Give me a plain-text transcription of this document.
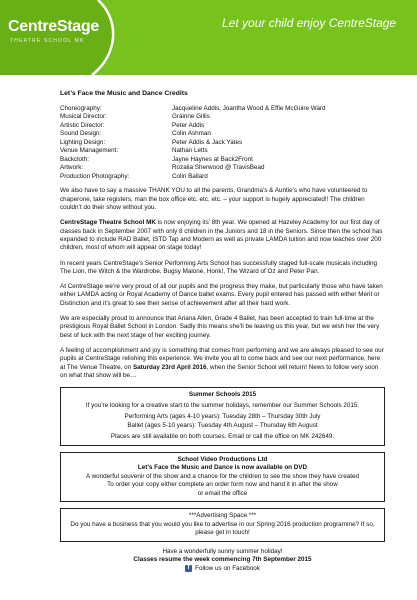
CentreStage
THEATRE SCHOOL MK
Let your child enjoy CentreStage
Let’s Face the Music and Dance Credits
Choreography:	Jacqueline Addis, Joantha Wood & Effie McGuire Ward
Musical Director:	Gráinne Gillis
Artistic Director:	Peter Addis
Sound Design:	Colin Ashman
Lighting Design:	Peter Addis & Jack Yates
Venue Management:	Nathan Letts
Backcloth:	Jayne Haynes at Back2Front
Artwork:	Rozalia Sherwood @ TravisBead
Production Photography:	Colin Ballard

We also have to say a massive THANK YOU to all the parents, Grandma’s & Auntie’s who have volunteered to chaperone, take registers, man the box office etc. etc. etc. – your support is hugely appreciated!! The children couldn’t do their show without you.

CentreStage Theatre School MK is now enjoying its’ 8th year. We opened at Hazeley Academy for our first day of classes back in September 2007 with only 8 children in the Juniors and 18 in the Seniors. Since then the school has expanded to include RAD Ballet, ISTD Tap and Modern as well as private LAMDA tuition and now teaches over 200 children, most of whom will appear on stage today!

In recent years CentreStage’s Senior Performing Arts School has successfully staged full-scale musicals including The Lion, the Witch & the Wardrobe, Bugsy Malone, Honk!, The Wizard of Oz and Peter Pan.

At CentreStage we’re very proud of all our pupils and the progress they make, but particularly those who have taken either LAMDA acting or Royal Academy of Dance ballet exams. Every pupil entered has passed with either Merit or Distinction and it’s great to see their sense of achievement after all their hard work.

We are especially proud to announce that Ariana Allen, Grade 4 Ballet, has been accepted to train full-time at the prestigious Royal Ballet School in London. Sadly this means she’ll be leaving us this year, but we wish her the very best of luck with the next stage of her exciting journey.

A feeling of accomplishment and joy is something that comes from performing and we are always pleased to see our pupils at CentreStage relishing this experience. We invite you all to come back and see our next performance, here at The Venue Theatre, on Saturday 23rd April 2016, when the Senior School will return! News to follow very soon on what that show will be…

Summer Schools 2015

If you’re looking for a creative start to the summer holidays, remember our Summer Schools 2015.

Performing Arts (ages 4-10 years): Tuesday 28th – Thursday 30th July

Ballet (ages 5-10 years): Tuesday 4th August – Thursday 6th August

Places are still available on both courses. Email or call the office on MK 242649.
School Video Productions Ltd
Let’s Face the Music and Dance is now available on DVD
A wonderful souvenir of the show and a chance for the children to see the show they have created
To order your copy either complete an order form now and hand it in after the show
or email the office
***Advertising Space ***
Do you have a business that you would you like to advertise in our Spring 2016 production programme? If so, please get in touch!
Have a wonderfully sunny summer holiday!
Classes resume the week commencing 7th September 2015
f Follow us on Facebook
